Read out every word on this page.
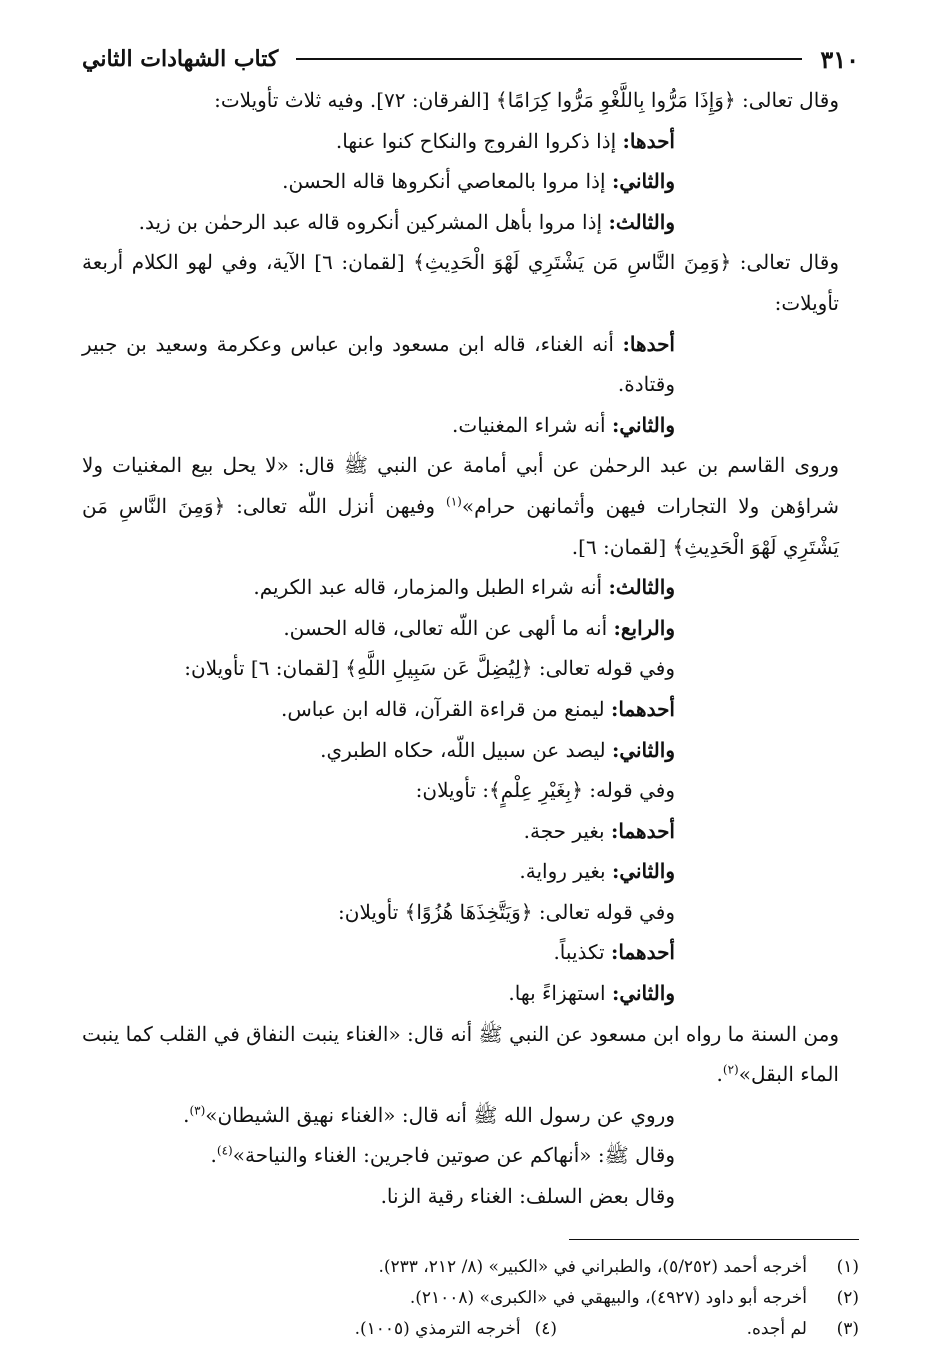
٣١٠
كتاب الشهادات الثاني

وقال تعالى: ﴿وَإِذَا مَرُّوا بِاللَّغْوِ مَرُّوا كِرَامًا﴾ [الفرقان: ٧٢]. وفيه ثلاث تأويلات:

أحدها: إذا ذكروا الفروج والنكاح كنوا عنها.

والثاني: إذا مروا بالمعاصي أنكروها قاله الحسن.

والثالث: إذا مروا بأهل المشركين أنكروه قاله عبد الرحمٰن بن زيد.

وقال تعالى: ﴿وَمِنَ النَّاسِ مَن يَشْتَرِي لَهْوَ الْحَدِيثِ﴾ [لقمان: ٦] الآية، وفي لهو الكلام أربعة تأويلات:

أحدها: أنه الغناء، قاله ابن مسعود وابن عباس وعكرمة وسعيد بن جبير وقتادة.

والثاني: أنه شراء المغنيات.

وروى القاسم بن عبد الرحمٰن عن أبي أمامة عن النبي ﷺ قال: «لا يحل بيع المغنيات ولا شراؤهن ولا التجارات فيهن وأثمانهن حرام»$^{(١)}$ وفيهن أنزل اللّه تعالى: ﴿وَمِنَ النَّاسِ مَن يَشْتَرِي لَهْوَ الْحَدِيثِ﴾ [لقمان: ٦].

والثالث: أنه شراء الطبل والمزمار، قاله عبد الكريم.

والرابع: أنه ما ألهى عن اللّه تعالى، قاله الحسن.

وفي قوله تعالى: ﴿لِيُضِلَّ عَن سَبِيلِ اللَّهِ﴾ [لقمان: ٦] تأويلان:

أحدهما: ليمنع من قراءة القرآن، قاله ابن عباس.

والثاني: ليصد عن سبيل اللّه، حكاه الطبري.

وفي قوله: ﴿بِغَيْرِ عِلْمٍ﴾: تأويلان:

أحدهما: بغير حجة.

والثاني: بغير رواية.

وفي قوله تعالى: ﴿وَيَتَّخِذَهَا هُزُوًا﴾ تأويلان:

أحدهما: تكذيباً.

والثاني: استهزاءً بها.

ومن السنة ما رواه ابن مسعود عن النبي ﷺ أنه قال: «الغناء ينبت النفاق في القلب كما ينبت الماء البقل»$^{(٢)}$.

وروي عن رسول الله ﷺ أنه قال: «الغناء نهيق الشيطان»$^{(٣)}$.

وقال ﷺ: «أنهاكم عن صوتين فاجرين: الغناء والنياحة»$^{(٤)}$.

وقال بعض السلف: الغناء رقية الزنا.

(١)
أخرجه أحمد (٥/٢٥٢)، والطبراني في «الكبير» (٨/ ٢١٢، ٢٣٣).
(٢)
أخرجه أبو داود (٤٩٢٧)، والبيهقي في «الكبرى» (٢١٠٠٨).
(٣)
لم أجده.
(٤)
أخرجه الترمذي (١٠٠٥).
